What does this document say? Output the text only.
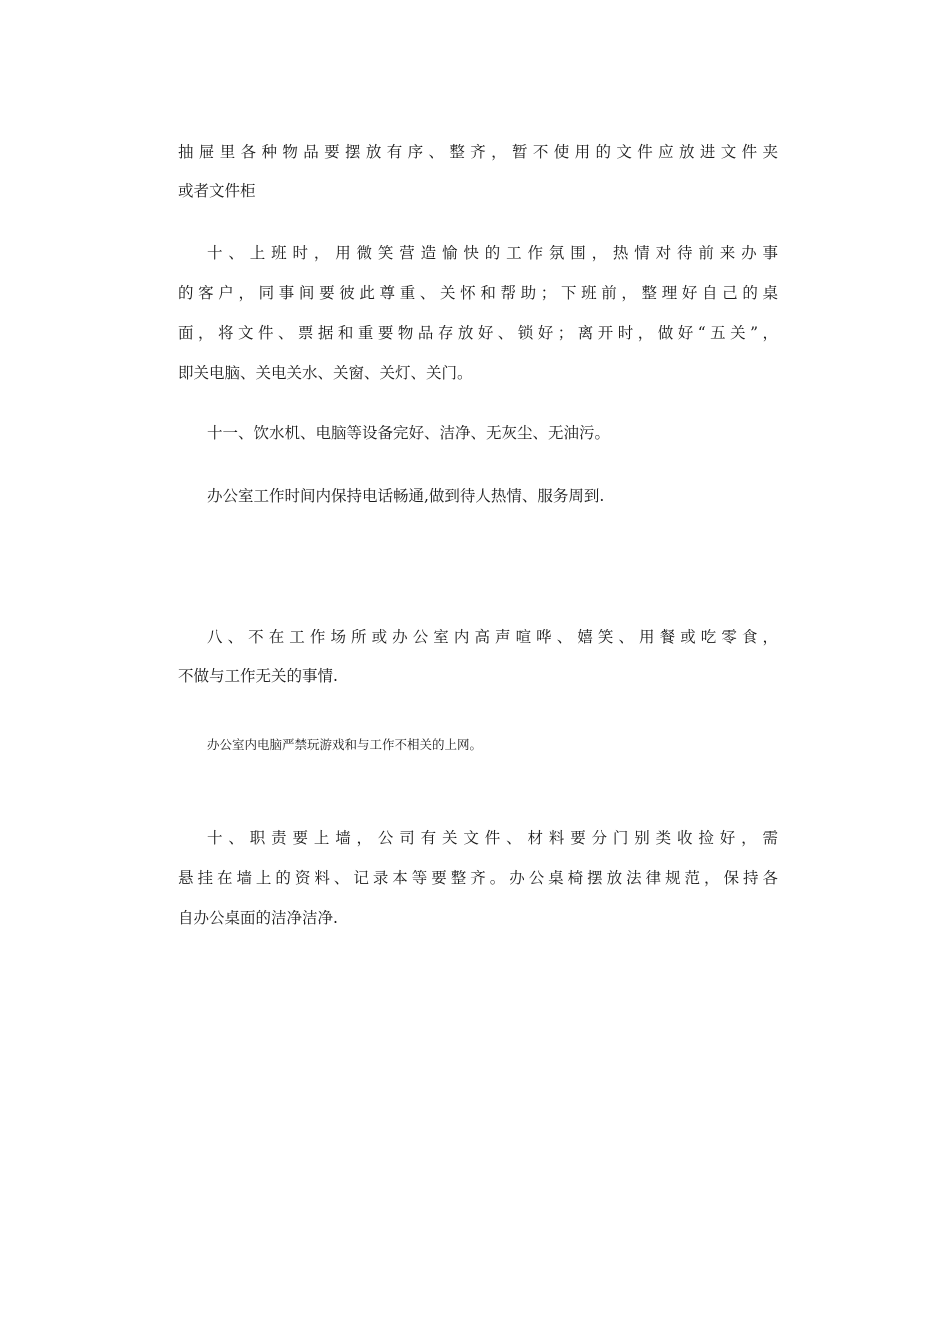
抽屉里各种物品要摆放有序、整齐，暂不使用的文件应放进文件夹
或者文件柜
十、上班时，用微笑营造愉快的工作氛围，热情对待前来办事
的客户，同事间要彼此尊重、关怀和帮助；下班前，整理好自己的桌
面，将文件、票据和重要物品存放好、锁好；离开时，做好“五关”，
即关电脑、关电关水、关窗、关灯、关门。
十一、饮水机、电脑等设备完好、洁净、无灰尘、无油污。
办公室工作时间内保持电话畅通,做到待人热情、服务周到.
八、不在工作场所或办公室内高声喧哗、嬉笑、用餐或吃零食，
不做与工作无关的事情.
办公室内电脑严禁玩游戏和与工作不相关的上网。
十、职责要上墙，公司有关文件、材料要分门别类收捡好，需
悬挂在墙上的资料、记录本等要整齐。办公桌椅摆放法律规范，保持各
自办公桌面的洁净洁净.
